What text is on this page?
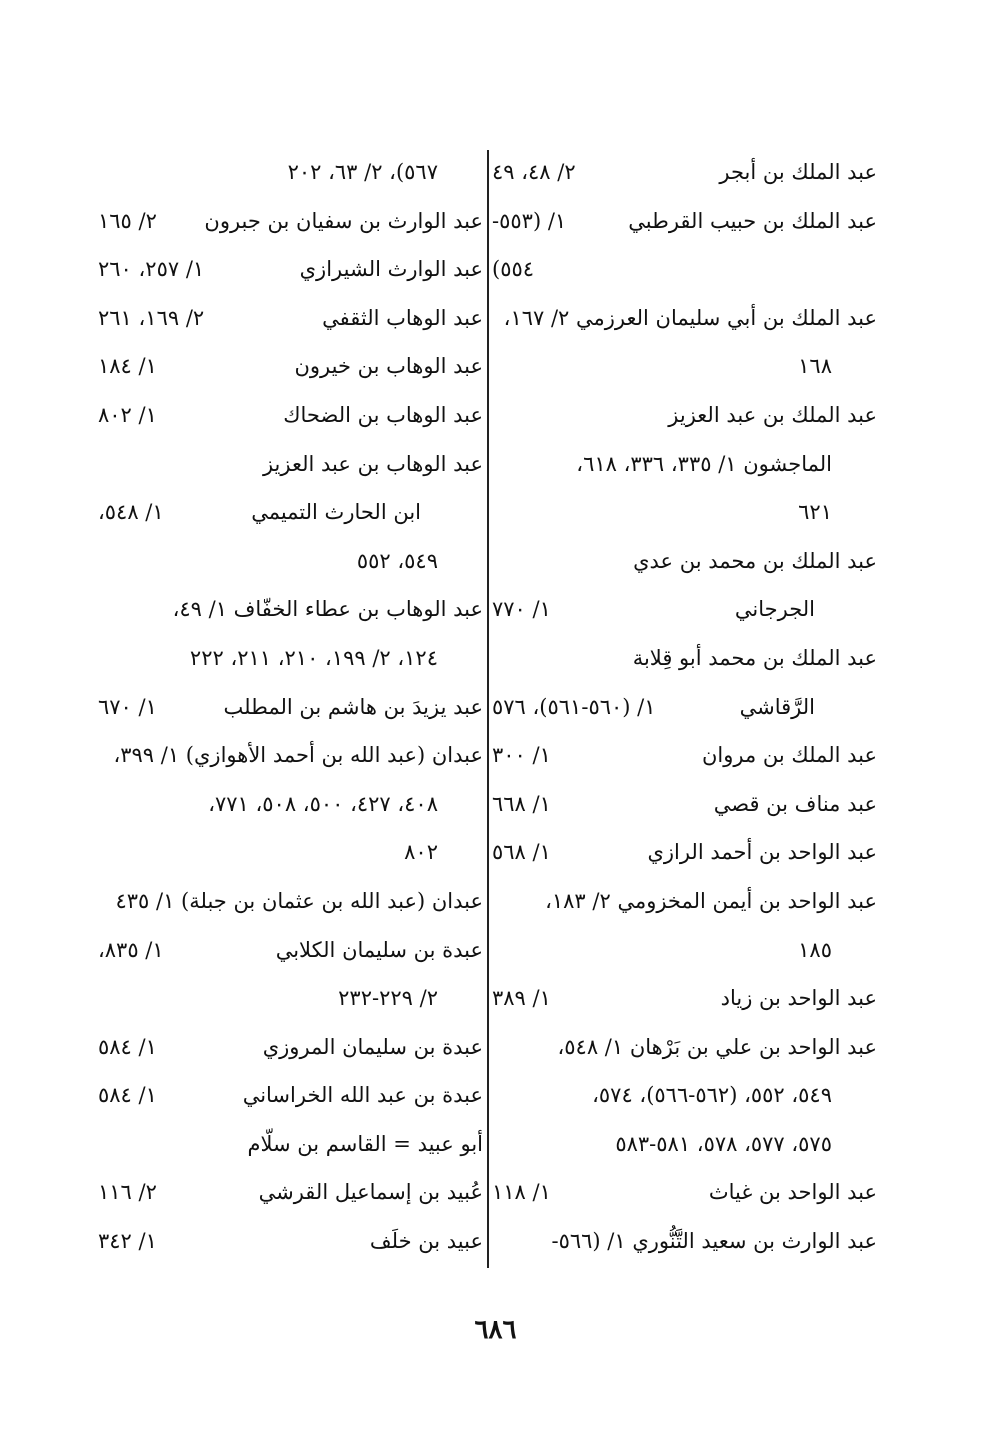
عبد الملك بن أبجر
٢/ ٤٨، ٤٩
عبد الملك بن حبيب القرطبي
١/ (٥٥٣-
٥٥٤)
عبد الملك بن أبي سليمان العرزمي ٢/ ١٦٧،
١٦٨
عبد الملك بن عبد العزيز
الماجشون ١/ ٣٣٥، ٣٣٦، ٦١٨،
٦٢١
عبد الملك بن محمد بن عدي
الجرجاني
١/ ٧٧٠
عبد الملك بن محمد أبو قِلابة
الرَّقاشي
١/ (٥٦٠-٥٦١)، ٥٧٦
عبد الملك بن مروان
١/ ٣٠٠
عبد مناف بن قصي
١/ ٦٦٨
عبد الواحد بن أحمد الرازي
١/ ٥٦٨
عبد الواحد بن أيمن المخزومي ٢/ ١٨٣،
١٨٥
عبد الواحد بن زياد
١/ ٣٨٩
عبد الواحد بن علي بن بَرْهان ١/ ٥٤٨،
٥٤٩، ٥٥٢، (٥٦٢-٥٦٦)، ٥٧٤،
٥٧٥، ٥٧٧، ٥٧٨، ٥٨١-٥٨٣
عبد الواحد بن غياث
١/ ١١٨
عبد الوارث بن سعيد التَّنُّوري ١/ (٥٦٦-
٥٦٧)، ٢/ ٦٣، ٢٠٢
عبد الوارث بن سفيان بن جبرون
٢/ ١٦٥
عبد الوارث الشيرازي
١/ ٢٥٧، ٢٦٠
عبد الوهاب الثقفي
٢/ ١٦٩، ٢٦١
عبد الوهاب بن خيرون
١/ ١٨٤
عبد الوهاب بن الضحاك
١/ ٨٠٢
عبد الوهاب بن عبد العزيز
ابن الحارث التميمي
١/ ٥٤٨،
٥٤٩، ٥٥٢
عبد الوهاب بن عطاء الخفّاف ١/ ٤٩،
١٢٤، ٢/ ١٩٩، ٢١٠، ٢١١، ٢٢٢
عبد يزيدَ بن هاشم بن المطلب
١/ ٦٧٠
عبدان (عبد الله بن أحمد الأهوازي) ١/ ٣٩٩،
٤٠٨، ٤٢٧، ٥٠٠، ٥٠٨، ٧٧١،
٨٠٢
عبدان (عبد الله بن عثمان بن جبلة) ١/ ٤٣٥
عبدة بن سليمان الكلابي
١/ ٨٣٥،
٢/ ٢٢٩-٢٣٢
عبدة بن سليمان المروزي
١/ ٥٨٤
عبدة بن عبد الله الخراساني
١/ ٥٨٤
أبو عبيد = القاسم بن سلّام
عُبيد بن إسماعيل القرشي
٢/ ١١٦
عبيد بن خلَف
١/ ٣٤٢
٦٨٦
